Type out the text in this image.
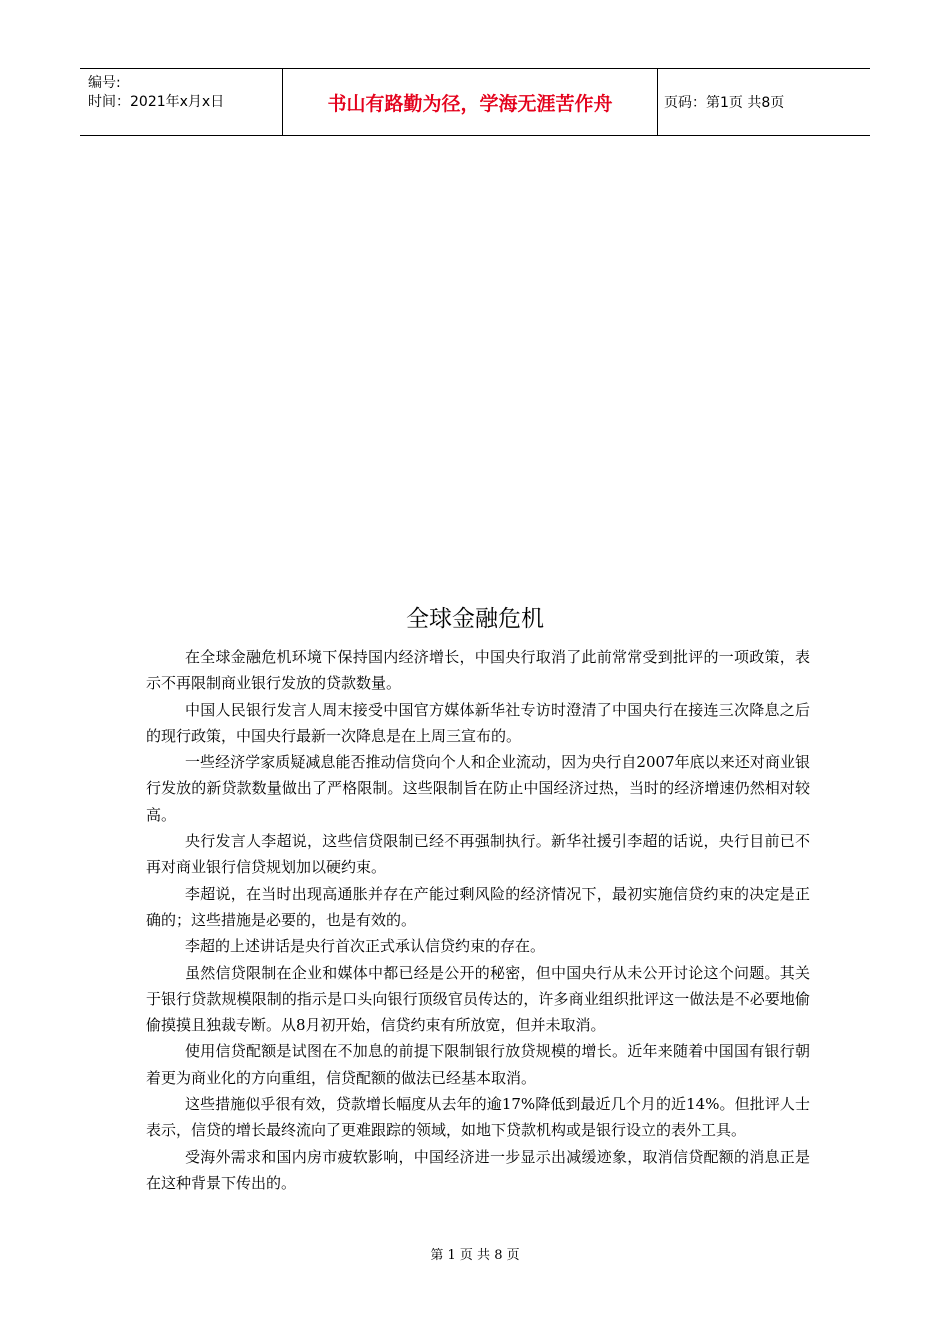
编号:
时间：2021年x月x日	书山有路勤为径，学海无涯苦作舟	页码：第1页 共8页
全球金融危机

在全球金融危机环境下保持国内经济增长，中国央行取消了此前常常受到批评的一项政策，表示不再限制商业银行发放的贷款数量。

中国人民银行发言人周末接受中国官方媒体新华社专访时澄清了中国央行在接连三次降息之后的现行政策，中国央行最新一次降息是在上周三宣布的。

一些经济学家质疑减息能否推动信贷向个人和企业流动，因为央行自2007年底以来还对商业银行发放的新贷款数量做出了严格限制。这些限制旨在防止中国经济过热，当时的经济增速仍然相对较高。

央行发言人李超说，这些信贷限制已经不再强制执行。新华社援引李超的话说，央行目前已不再对商业银行信贷规划加以硬约束。

李超说，在当时出现高通胀并存在产能过剩风险的经济情况下，最初实施信贷约束的决定是正确的；这些措施是必要的，也是有效的。

李超的上述讲话是央行首次正式承认信贷约束的存在。

虽然信贷限制在企业和媒体中都已经是公开的秘密，但中国央行从未公开讨论这个问题。其关于银行贷款规模限制的指示是口头向银行顶级官员传达的，许多商业组织批评这一做法是不必要地偷偷摸摸且独裁专断。从8月初开始，信贷约束有所放宽，但并未取消。

使用信贷配额是试图在不加息的前提下限制银行放贷规模的增长。近年来随着中国国有银行朝着更为商业化的方向重组，信贷配额的做法已经基本取消。

这些措施似乎很有效，贷款增长幅度从去年的逾17%降低到最近几个月的近14%。但批评人士表示，信贷的增长最终流向了更难跟踪的领域，如地下贷款机构或是银行设立的表外工具。

受海外需求和国内房市疲软影响，中国经济进一步显示出减缓迹象，取消信贷配额的消息正是在这种背景下传出的。

第 1 页 共 8 页
